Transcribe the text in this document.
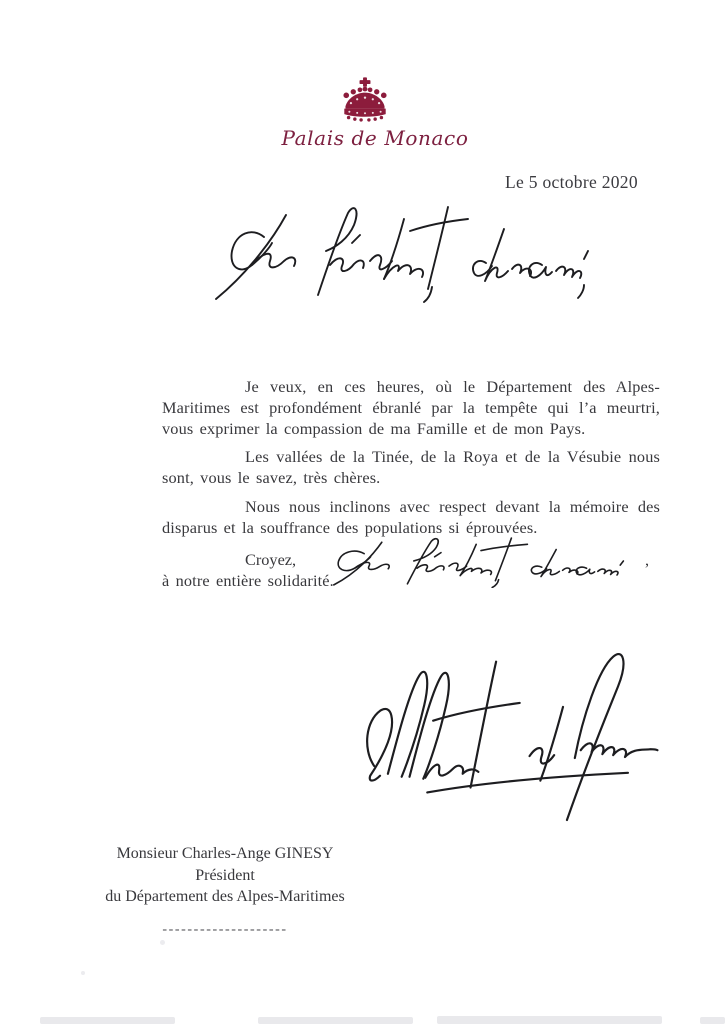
Palais de Monaco
Le 5 octobre 2020

Je veux, en ces heures, où le Département des Alpes-Maritimes est profondément ébranlé par la tempête qui l’a meurtri, vous exprimer la compassion de ma Famille et de mon Pays.

Les vallées de la Tinée, de la Roya et de la Vésubie nous sont, vous le savez, très chères.

Nous nous inclinons avec respect devant la mémoire des disparus et la souffrance des populations si éprouvées.

Croyez,	,

à notre entière solidarité.

Monsieur Charles-Ange GINESY
Président
du Département des Alpes-Maritimes
--------------------
